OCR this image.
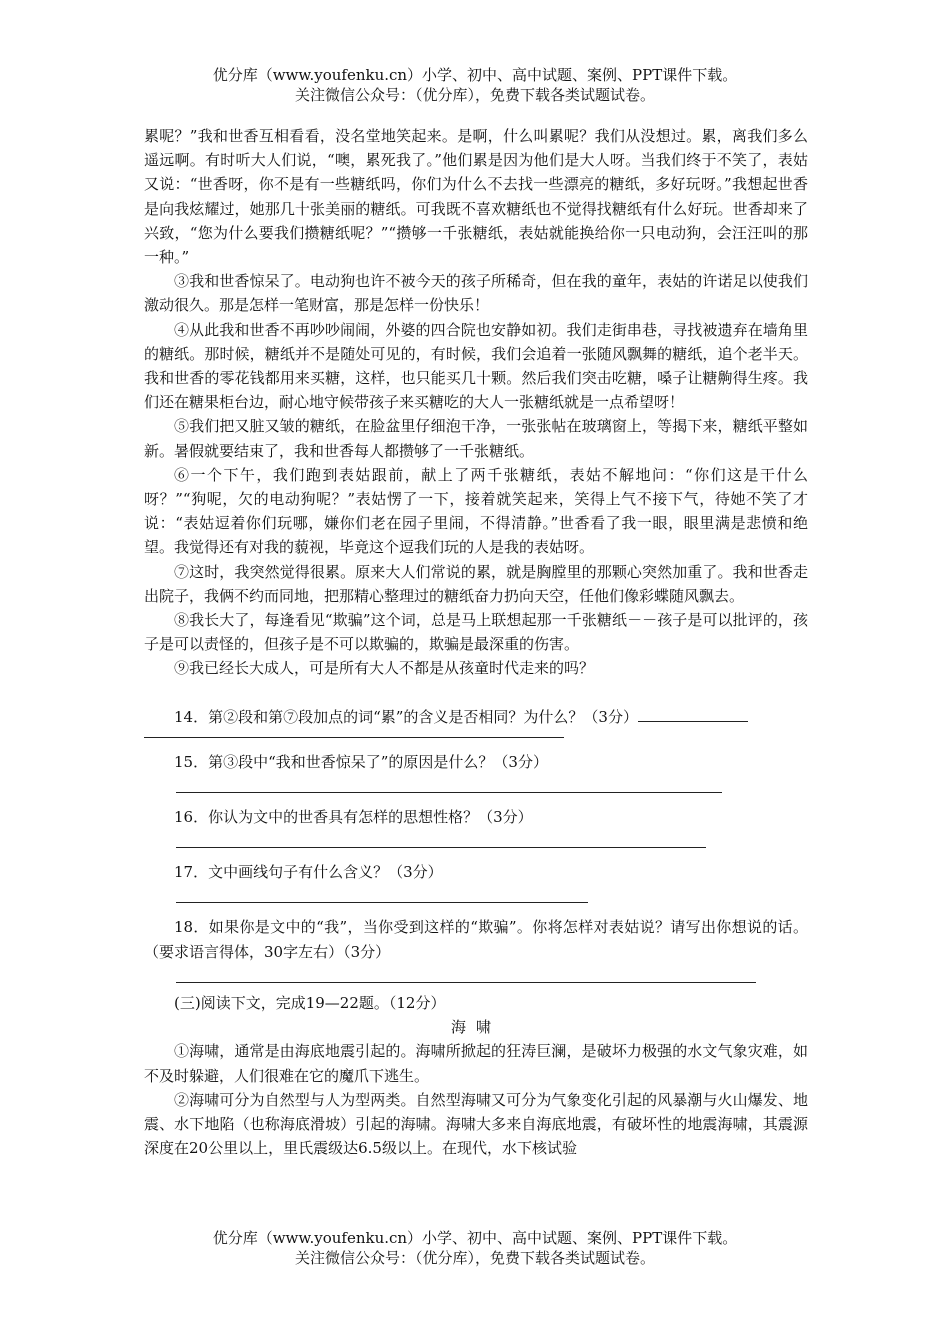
优分库（www.youfenku.cn）小学、初中、高中试题、案例、PPT课件下载。
关注微信公众号：（优分库），免费下载各类试题试卷。

累呢？”我和世香互相看看，没名堂地笑起来。是啊，什么叫累呢？我们从没想过。累，离我们多么遥远啊。有时听大人们说，“噢，累死我了。”他们累是因为他们是大人呀。当我们终于不笑了，表姑又说：“世香呀，你不是有一些糖纸吗，你们为什么不去找一些漂亮的糖纸，多好玩呀。”我想起世香是向我炫耀过，她那几十张美丽的糖纸。可我既不喜欢糖纸也不觉得找糖纸有什么好玩。世香却来了兴致，“您为什么要我们攒糖纸呢？”“攒够一千张糖纸，表姑就能换给你一只电动狗，会汪汪叫的那一种。”

③我和世香惊呆了。电动狗也许不被今天的孩子所稀奇，但在我的童年，表姑的许诺足以使我们激动很久。那是怎样一笔财富，那是怎样一份快乐！

④从此我和世香不再吵吵闹闹，外婆的四合院也安静如初。我们走街串巷，寻找被遗弃在墙角里的糖纸。那时候，糖纸并不是随处可见的，有时候，我们会追着一张随风飘舞的糖纸，追个老半天。我和世香的零花钱都用来买糖，这样，也只能买几十颗。然后我们突击吃糖，嗓子让糖齁得生疼。我们还在糖果柜台边，耐心地守候带孩子来买糖吃的大人一张糖纸就是一点希望呀！

⑤我们把又脏又皱的糖纸，在脸盆里仔细泡干净，一张张帖在玻璃窗上，等揭下来，糖纸平整如新。暑假就要结束了，我和世香每人都攒够了一千张糖纸。

⑥一个下午，我们跑到表姑跟前，献上了两千张糖纸，表姑不解地问：“你们这是干什么呀？”“狗呢，欠的电动狗呢？”表姑愣了一下，接着就笑起来，笑得上气不接下气，待她不笑了才说：“表姑逗着你们玩哪，嫌你们老在园子里闹，不得清静。”世香看了我一眼，眼里满是悲愤和绝望。我觉得还有对我的藐视，毕竟这个逗我们玩的人是我的表姑呀。

⑦这时，我突然觉得很累。原来大人们常说的累，就是胸膛里的那颗心突然加重了。我和世香走出院子，我俩不约而同地，把那精心整理过的糖纸奋力扔向天空，任他们像彩蝶随风飘去。

⑧我长大了，每逢看见“欺骗”这个词，总是马上联想起那一千张糖纸－－孩子是可以批评的，孩子是可以责怪的，但孩子是不可以欺骗的，欺骗是最深重的伤害。

⑨我已经长大成人，可是所有大人不都是从孩童时代走来的吗？

14．第②段和第⑦段加点的词“累”的含义是否相同？为什么？（3分）

15．第③段中“我和世香惊呆了”的原因是什么？（3分）

16．你认为文中的世香具有怎样的思想性格？（3分）

17．文中画线句子有什么含义？（3分）

18．如果你是文中的“我”，当你受到这样的“欺骗”。你将怎样对表姑说？请写出你想说的话。（要求语言得体，30字左右）（3分）

(三)阅读下文，完成19—22题。（12分）

海啸

①海啸，通常是由海底地震引起的。海啸所掀起的狂涛巨澜，是破坏力极强的水文气象灾难，如不及时躲避，人们很难在它的魔爪下逃生。

②海啸可分为自然型与人为型两类。自然型海啸又可分为气象变化引起的风暴潮与火山爆发、地震、水下地陷（也称海底滑坡）引起的海啸。海啸大多来自海底地震，有破坏性的地震海啸，其震源深度在20公里以上，里氏震级达6.5级以上。在现代，水下核试验

优分库（www.youfenku.cn）小学、初中、高中试题、案例、PPT课件下载。
关注微信公众号：（优分库），免费下载各类试题试卷。
